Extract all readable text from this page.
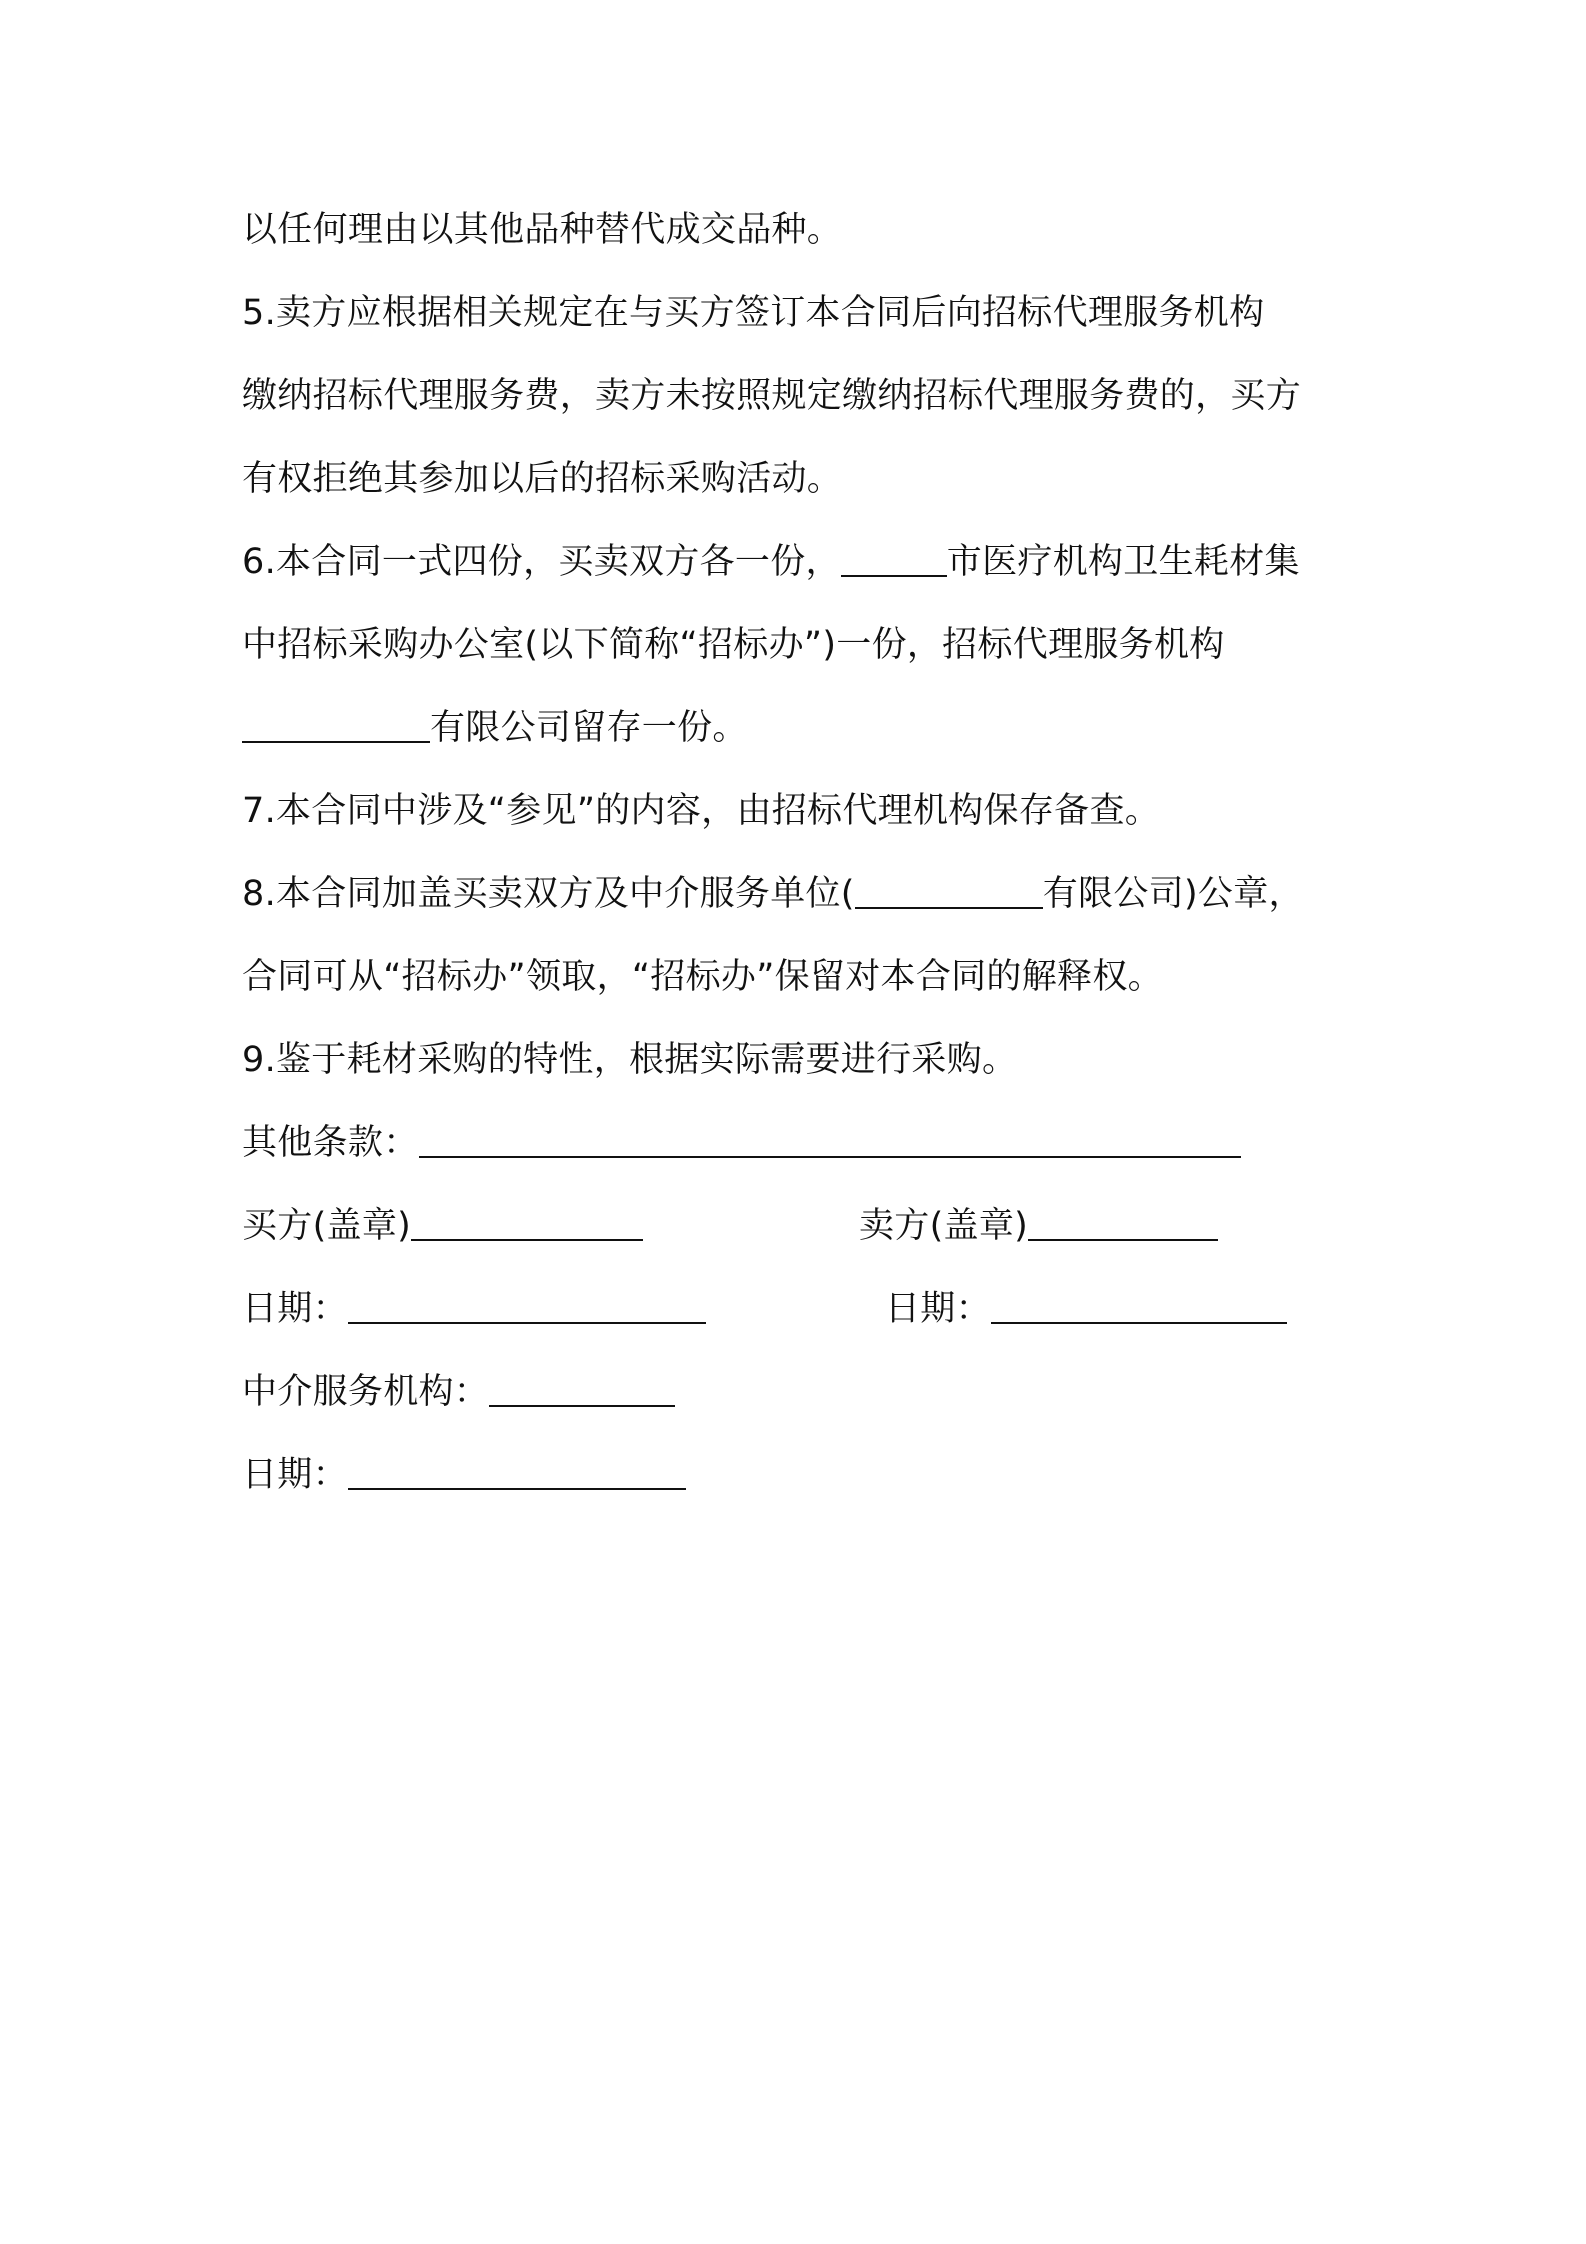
以任何理由以其他品种替代成交品种。
5.卖方应根据相关规定在与买方签订本合同后向招标代理服务机构
缴纳招标代理服务费，卖方未按照规定缴纳招标代理服务费的，买方
有权拒绝其参加以后的招标采购活动。
6.本合同一式四份，买卖双方各一份，	市医疗机构卫生耗材集
中招标采购办公室(以下简称“招标办”)一份，招标代理服务机构
有限公司留存一份。
7.本合同中涉及“参见”的内容，由招标代理机构保存备查。
8.本合同加盖买卖双方及中介服务单位(	有限公司)公章，
合同可从“招标办”领取，“招标办”保留对本合同的解释权。
9.鉴于耗材采购的特性，根据实际需要进行采购。
其他条款：
买方(盖章)	卖方(盖章)
日期：	日期：
中介服务机构：
日期：
